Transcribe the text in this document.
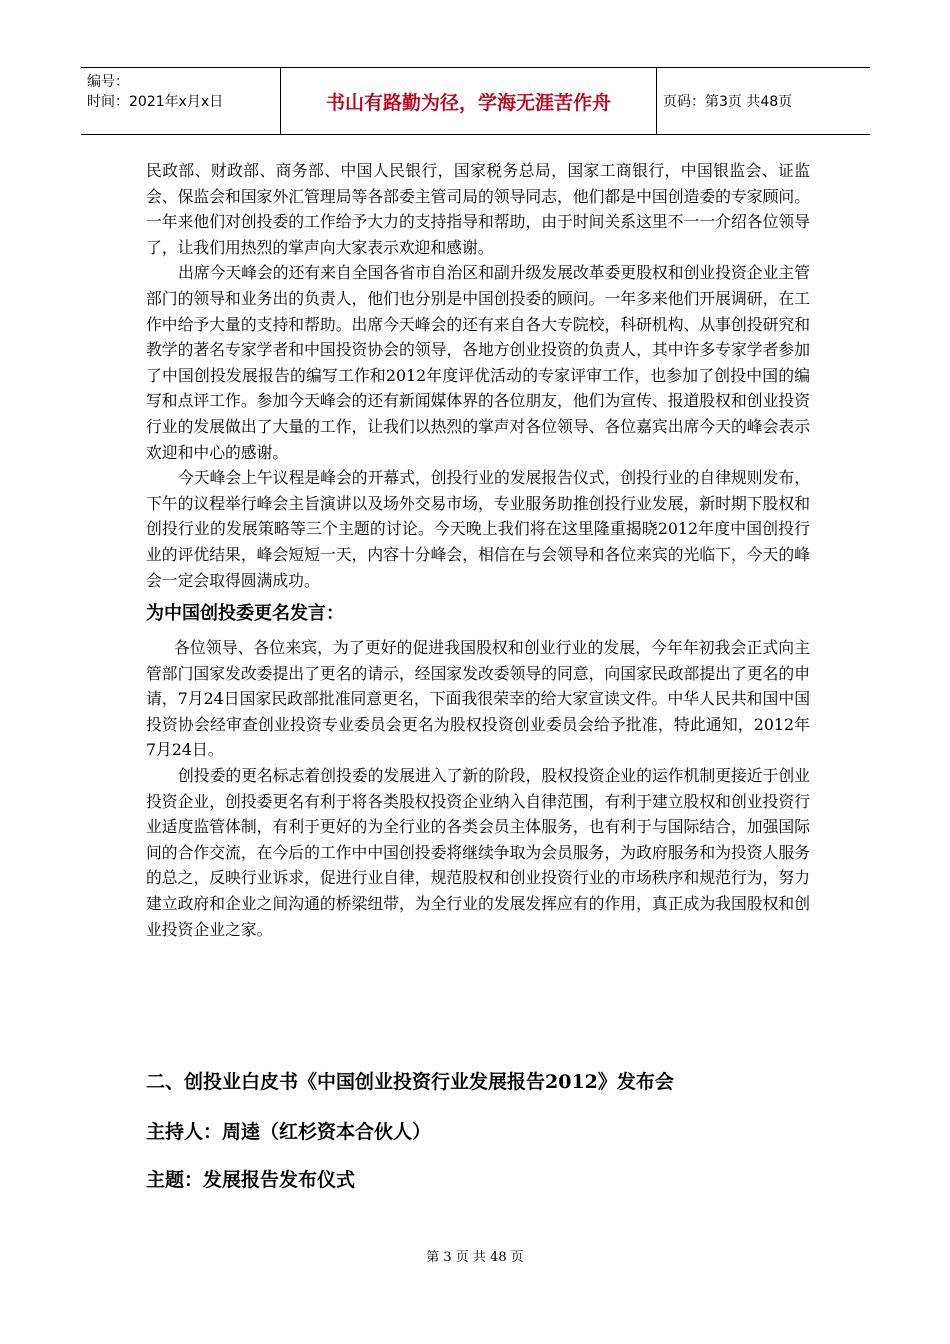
编号：
时间：2021年x月x日	书山有路勤为径，学海无涯苦作舟	页码：第3页 共48页

民政部、财政部、商务部、中国人民银行，国家税务总局，国家工商银行，中国银监会、证监会、保监会和国家外汇管理局等各部委主管司局的领导同志，他们都是中国创造委的专家顾问。一年来他们对创投委的工作给予大力的支持指导和帮助，由于时间关系这里不一一介绍各位领导了，让我们用热烈的掌声向大家表示欢迎和感谢。

出席今天峰会的还有来自全国各省市自治区和副升级发展改革委更股权和创业投资企业主管部门的领导和业务出的负责人，他们也分别是中国创投委的顾问。一年多来他们开展调研，在工作中给予大量的支持和帮助。出席今天峰会的还有来自各大专院校，科研机构、从事创投研究和教学的著名专家学者和中国投资协会的领导，各地方创业投资的负责人，其中许多专家学者参加了中国创投发展报告的编写工作和2012年度评优活动的专家评审工作，也参加了创投中国的编写和点评工作。参加今天峰会的还有新闻媒体界的各位朋友，他们为宣传、报道股权和创业投资行业的发展做出了大量的工作，让我们以热烈的掌声对各位领导、各位嘉宾出席今天的峰会表示欢迎和中心的感谢。

今天峰会上午议程是峰会的开幕式，创投行业的发展报告仪式，创投行业的自律规则发布，下午的议程举行峰会主旨演讲以及场外交易市场，专业服务助推创投行业发展，新时期下股权和创投行业的发展策略等三个主题的讨论。今天晚上我们将在这里隆重揭晓2012年度中国创投行业的评优结果，峰会短短一天，内容十分峰会，相信在与会领导和各位来宾的光临下，今天的峰会一定会取得圆满成功。

为中国创投委更名发言：

各位领导、各位来宾，为了更好的促进我国股权和创业行业的发展，今年年初我会正式向主管部门国家发改委提出了更名的请示，经国家发改委领导的同意，向国家民政部提出了更名的申请，7月24日国家民政部批准同意更名，下面我很荣幸的给大家宣读文件。中华人民共和国中国投资协会经审查创业投资专业委员会更名为股权投资创业委员会给予批准，特此通知，2012年7月24日。

创投委的更名标志着创投委的发展进入了新的阶段，股权投资企业的运作机制更接近于创业投资企业，创投委更名有利于将各类股权投资企业纳入自律范围，有利于建立股权和创业投资行业适度监管体制，有利于更好的为全行业的各类会员主体服务，也有利于与国际结合，加强国际间的合作交流，在今后的工作中中国创投委将继续争取为会员服务，为政府服务和为投资人服务的总之，反映行业诉求，促进行业自律，规范股权和创业投资行业的市场秩序和规范行为，努力建立政府和企业之间沟通的桥梁纽带，为全行业的发展发挥应有的作用，真正成为我国股权和创业投资企业之家。

二、创投业白皮书《中国创业投资行业发展报告2012》发布会
主持人：周逵（红杉资本合伙人）
主题：发展报告发布仪式
第 3 页 共 48 页
